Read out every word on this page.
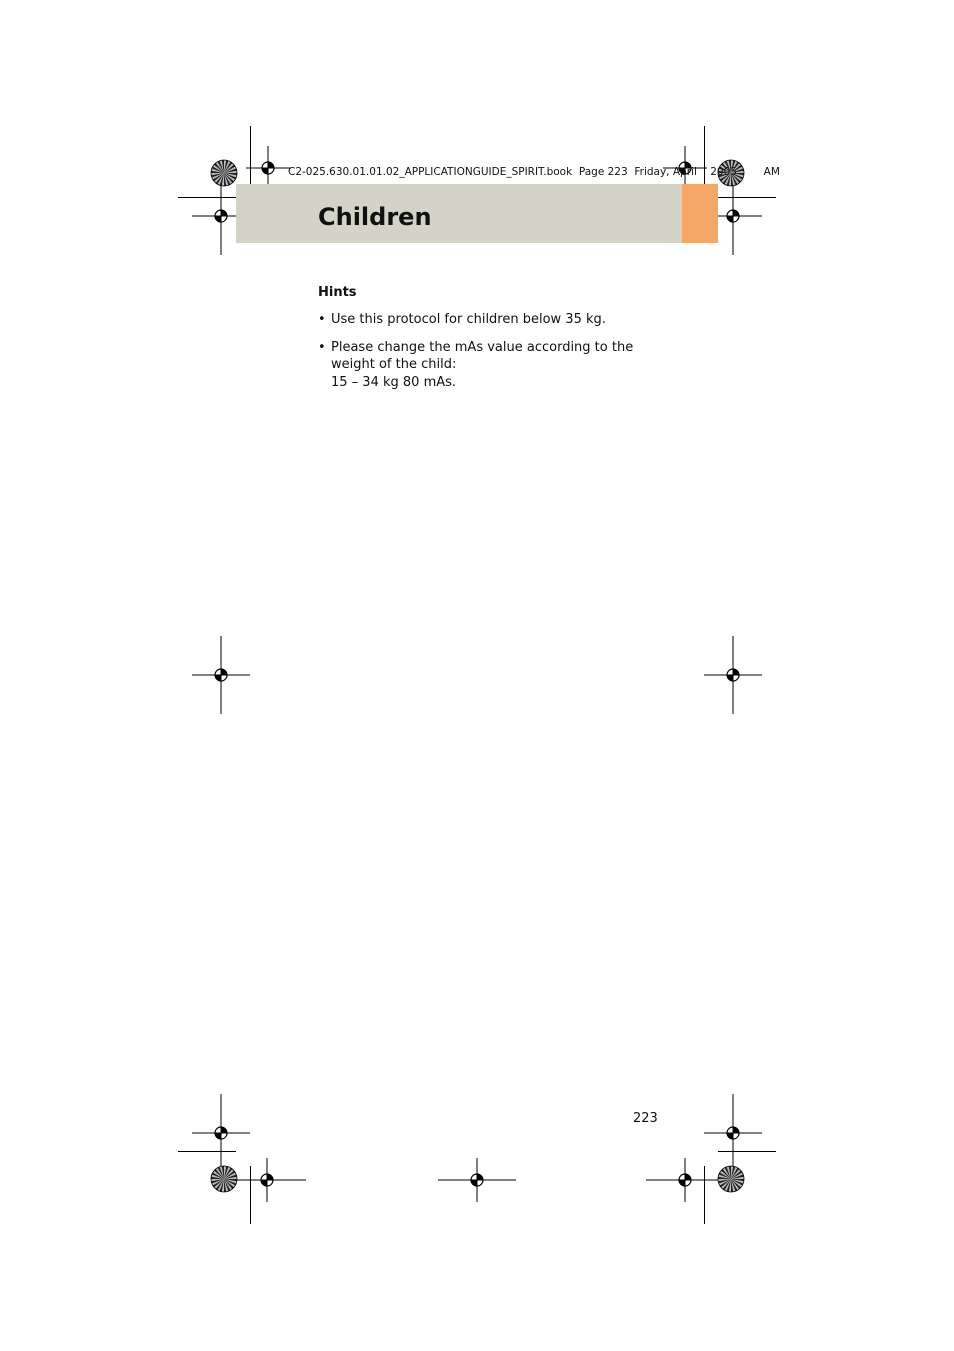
C2-025.630.01.01.02_APPLICATIONGUIDE_SPIRIT.book Page 223 Friday, April 2005	AM
Children
Hints
• Use this protocol for children below 35 kg.
• Please change the mAs value according to the
weight of the child:
15 – 34 kg 80 mAs.
223
